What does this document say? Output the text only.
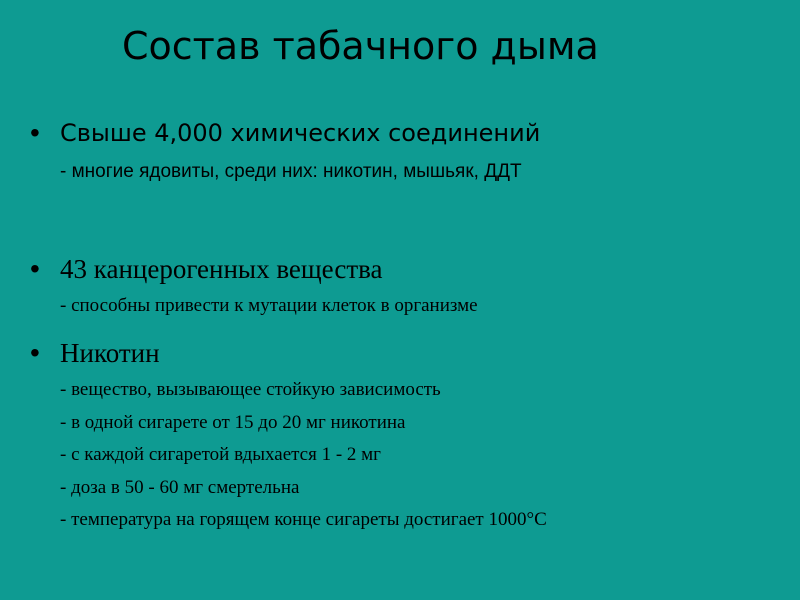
Состав табачного дыма
• Свыше 4,000 химических соединений
- многие ядовиты, среди них: никотин, мышьяк, ДДТ
• 43 канцерогенных вещества
- способны привести к мутации клеток в организме
• Никотин
- вещество, вызывающее стойкую зависимость
- в одной сигарете от 15 до 20 мг никотина
- с каждой сигаретой вдыхается 1 - 2 мг
- доза в 50 - 60 мг смертельна
- температура на горящем конце сигареты достигает 1000°С
